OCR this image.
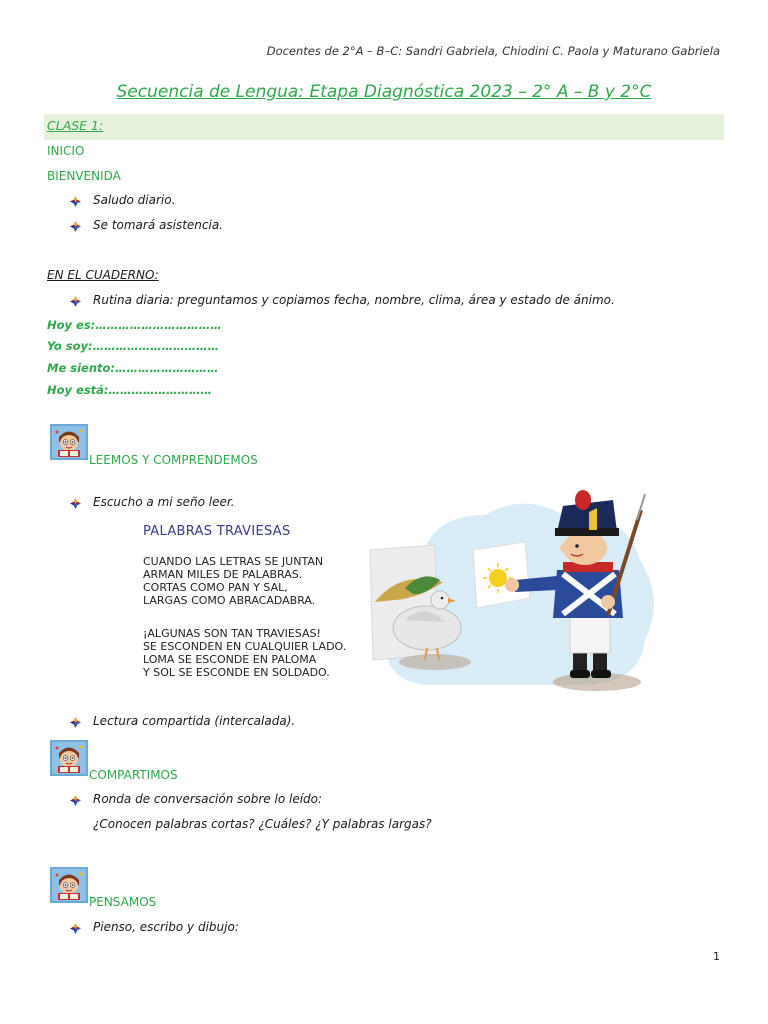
Docentes de 2°A – B–C: Sandri Gabriela, Chiodini C. Paola y Maturano Gabriela
Secuencia de Lengua: Etapa Diagnóstica 2023 – 2° A – B y 2°C
CLASE 1:
INICIO
BIENVENIDA
Saludo diario.
Se tomará asistencia.
EN EL CUADERNO:
Rutina diaria: preguntamos y copiamos fecha, nombre, clima, área y estado de ánimo.
Hoy es:……………………………
Yo soy:……………………………
Me siento:………………………
Hoy está:………………………
LEEMOS Y COMPRENDEMOS
Escucho a mi seño leer.
PALABRAS TRAVIESAS
CUANDO LAS LETRAS SE JUNTAN
ARMAN MILES DE PALABRAS.
CORTAS COMO PAN Y SAL,
LARGAS COMO ABRACADABRA.
¡ALGUNAS SON TAN TRAVIESAS!
SE ESCONDEN EN CUALQUIER LADO.
LOMA SE ESCONDE EN PALOMA
Y SOL SE ESCONDE EN SOLDADO.
Lectura compartida (intercalada).
COMPARTIMOS
Ronda de conversación sobre lo leído:
¿Conocen palabras cortas? ¿Cuáles? ¿Y palabras largas?
PENSAMOS
Pienso, escribo y dibujo:
1
